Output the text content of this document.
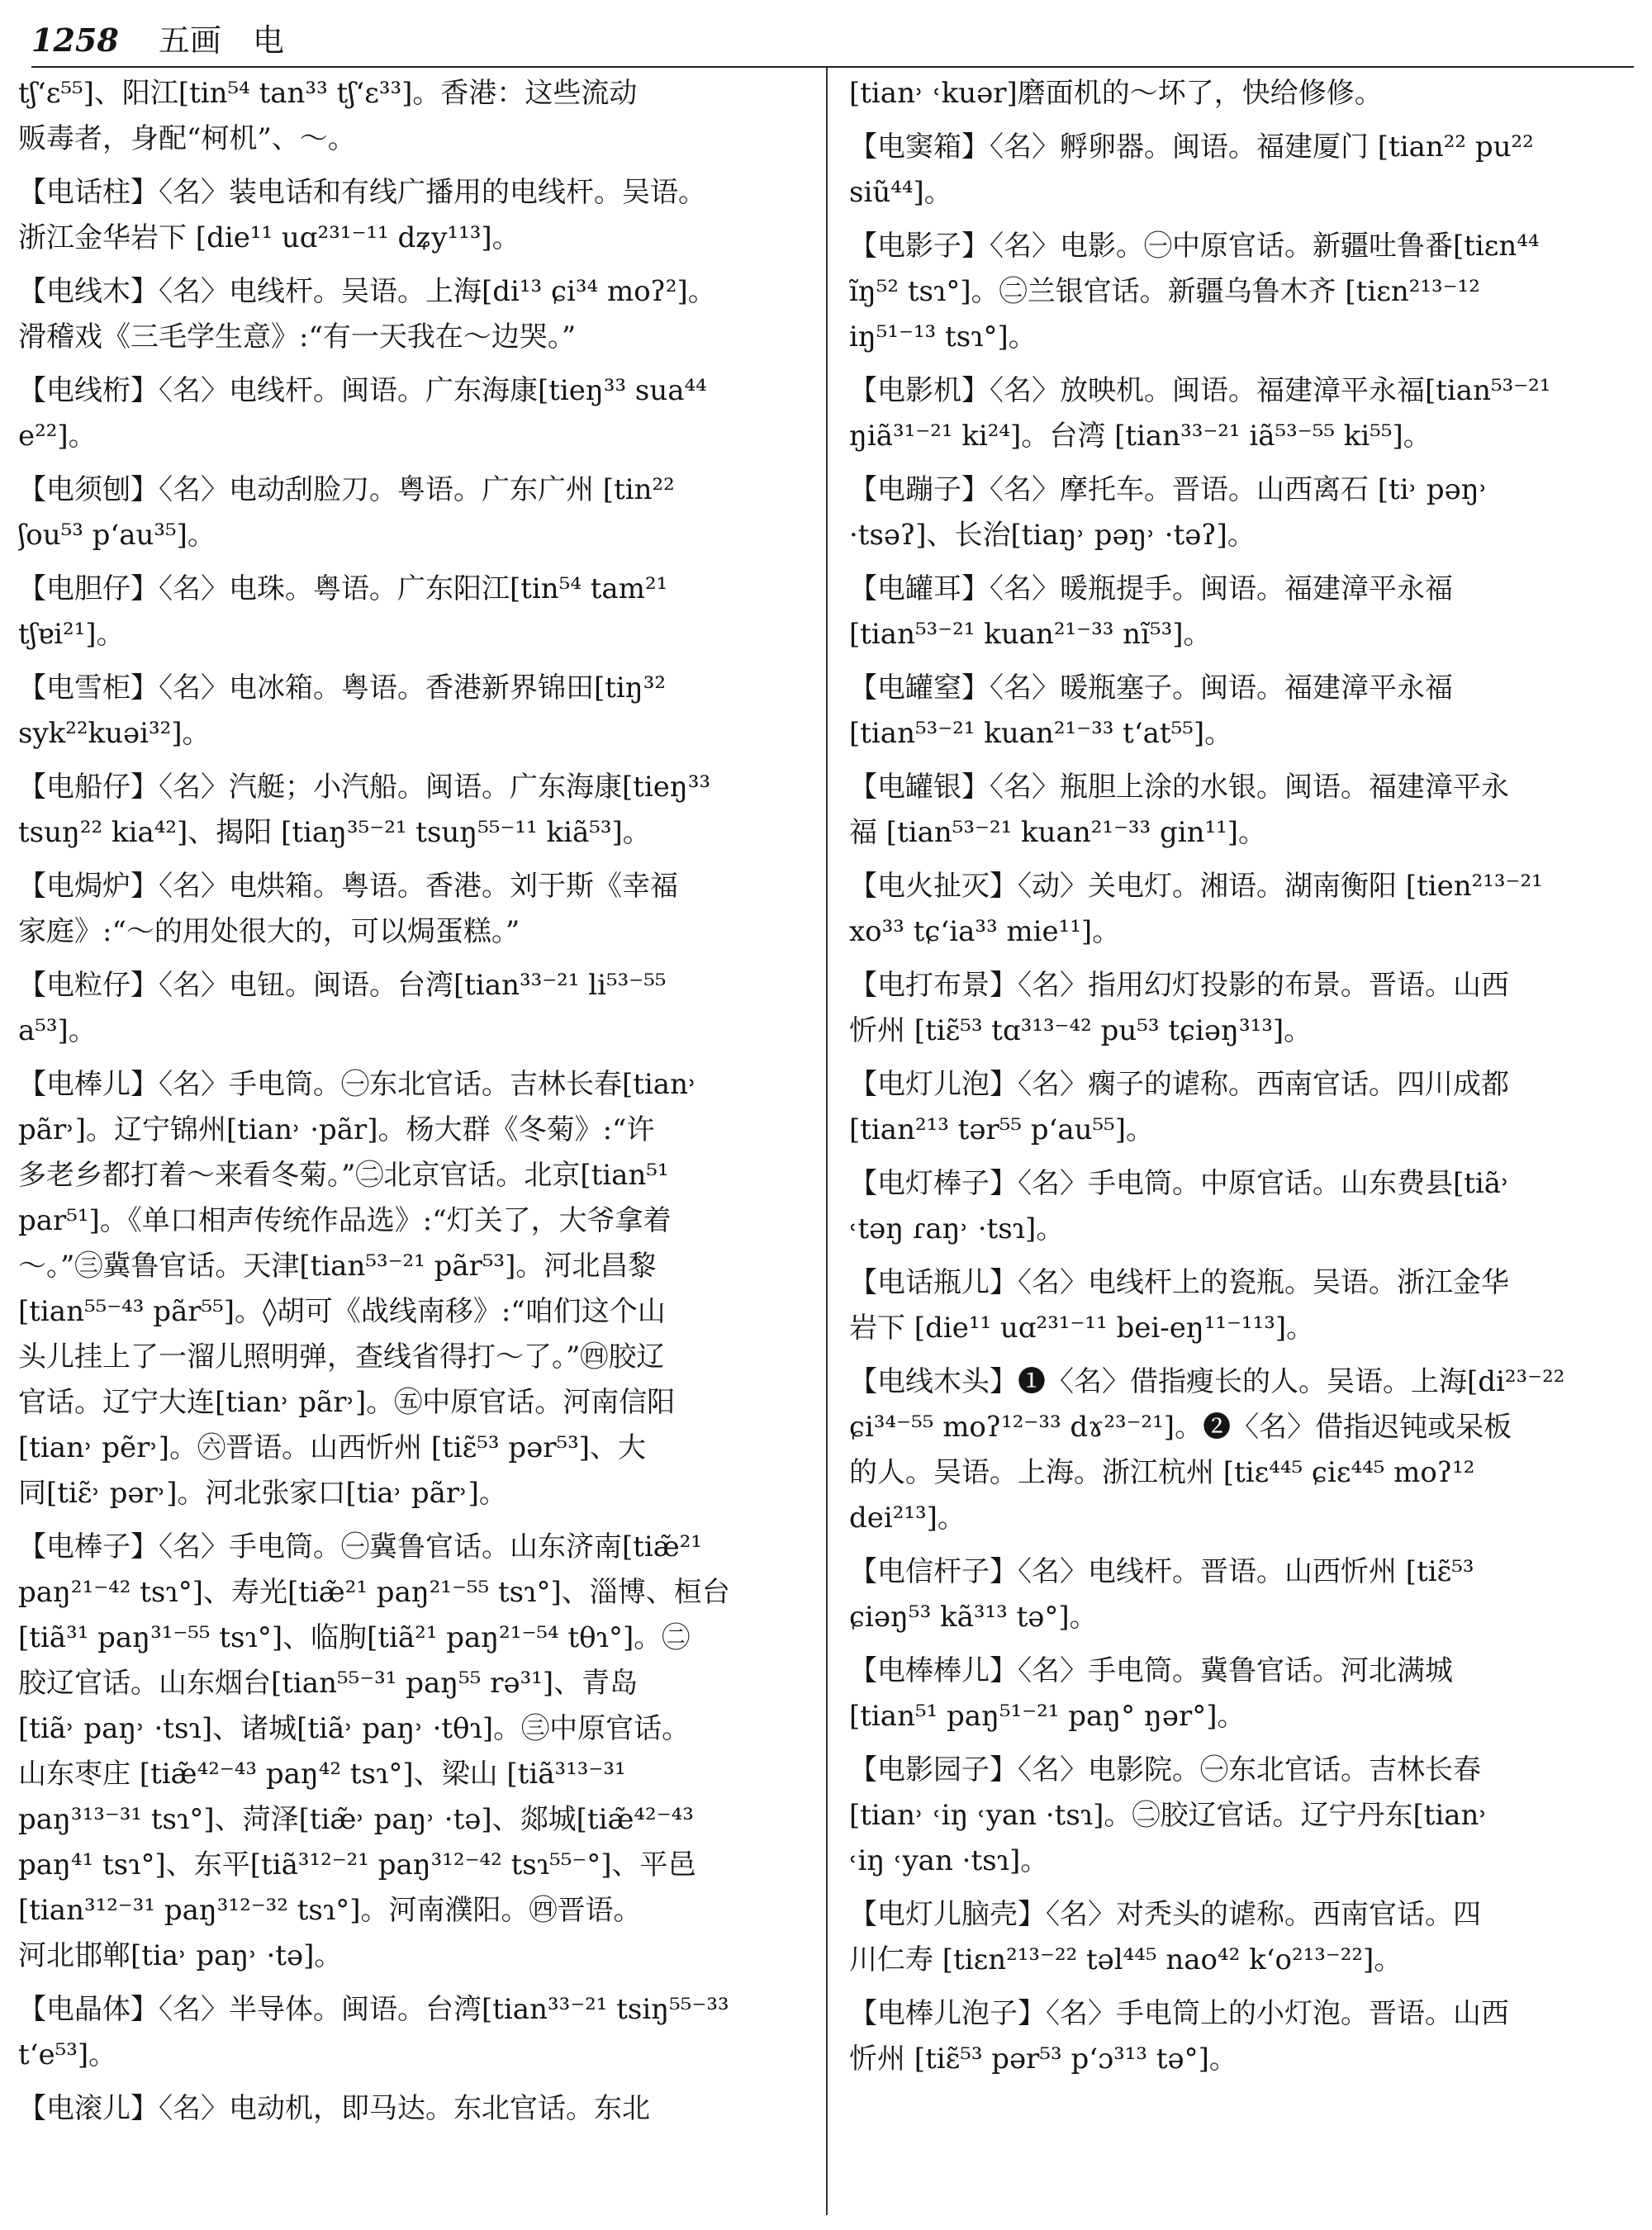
1258 五画 电
tʃʻɛ⁵⁵]、阳江[tin⁵⁴ tan³³ tʃʻɛ³³]。香港：这些流动
贩毒者，身配“柯机”、～。
【电话柱】〈名〉装电话和有线广播用的电线杆。吴语。
浙江金华岩下 [die¹¹ uɑ²³¹⁻¹¹ dʑy¹¹³]。
【电线木】〈名〉电线杆。吴语。上海[di¹³ ɕi³⁴ moʔ²]。
滑稽戏《三毛学生意》:“有一天我在～边哭。”
【电线桁】〈名〉电线杆。闽语。广东海康[tieŋ³³ sua⁴⁴
e²²]。
【电须刨】〈名〉电动刮脸刀。粤语。广东广州 [tin²²
ʃou⁵³ pʻau³⁵]。
【电胆仔】〈名〉电珠。粤语。广东阳江[tin⁵⁴ tam²¹
tʃɐi²¹]。
【电雪柜】〈名〉电冰箱。粤语。香港新界锦田[tiŋ³²
syk²²kuəi³²]。
【电船仔】〈名〉汽艇；小汽船。闽语。广东海康[tieŋ³³
tsuŋ²² kia⁴²]、揭阳 [tiaŋ³⁵⁻²¹ tsuŋ⁵⁵⁻¹¹ kiã⁵³]。
【电焗炉】〈名〉电烘箱。粤语。香港。刘于斯《幸福
家庭》:“～的用处很大的，可以焗蛋糕。”
【电粒仔】〈名〉电钮。闽语。台湾[tian³³⁻²¹ li⁵³⁻⁵⁵
a⁵³]。
【电棒儿】〈名〉手电筒。㊀东北官话。吉林长春[tian˒
pãr˒]。辽宁锦州[tian˒ ·pãr]。杨大群《冬菊》:“许
多老乡都打着～来看冬菊。”㊁北京官话。北京[tian⁵¹
par⁵¹]。《单口相声传统作品选》:“灯关了，大爷拿着
～。”㊂冀鲁官话。天津[tian⁵³⁻²¹ pãr⁵³]。河北昌黎
[tian⁵⁵⁻⁴³ pãr⁵⁵]。◊胡可《战线南移》:“咱们这个山
头儿挂上了一溜儿照明弹，查线省得打～了。”㊃胶辽
官话。辽宁大连[tian˒ pãr˒]。㊄中原官话。河南信阳
[tian˒ pẽr˒]。㊅晋语。山西忻州 [tiɛ̃⁵³ pər⁵³]、大
同[tiɛ̃˒ pər˒]。河北张家口[tia˒ pãr˒]。
【电棒子】〈名〉手电筒。㊀冀鲁官话。山东济南[tiæ̃²¹
paŋ²¹⁻⁴² tsɿ°]、寿光[tiæ̃²¹ paŋ²¹⁻⁵⁵ tsɿ°]、淄博、桓台
[tiã³¹ paŋ³¹⁻⁵⁵ tsɿ°]、临朐[tiã²¹ paŋ²¹⁻⁵⁴ tθɿ°]。㊁
胶辽官话。山东烟台[tian⁵⁵⁻³¹ paŋ⁵⁵ rə³¹]、青岛
[tiã˒ paŋ˒ ·tsɿ]、诸城[tiã˒ paŋ˒ ·tθɿ]。㊂中原官话。
山东枣庄 [tiæ̃⁴²⁻⁴³ paŋ⁴² tsɿ°]、梁山 [tiã³¹³⁻³¹
paŋ³¹³⁻³¹ tsɿ°]、菏泽[tiæ̃˒ paŋ˒ ·tə]、郯城[tiæ̃⁴²⁻⁴³
paŋ⁴¹ tsɿ°]、东平[tiã³¹²⁻²¹ paŋ³¹²⁻⁴² tsɿ⁵⁵⁻°]、平邑
[tian³¹²⁻³¹ paŋ³¹²⁻³² tsɿ°]。河南濮阳。㊃晋语。
河北邯郸[tia˒ paŋ˒ ·tə]。
【电晶体】〈名〉半导体。闽语。台湾[tian³³⁻²¹ tsiŋ⁵⁵⁻³³
tʻe⁵³]。
【电滚儿】〈名〉电动机，即马达。东北官话。东北
[tian˒ ˓kuər]磨面机的～坏了，快给修修。
【电窦箱】〈名〉孵卵器。闽语。福建厦门 [tian²² pu²²
siũ⁴⁴]。
【电影子】〈名〉电影。㊀中原官话。新疆吐鲁番[tiɛn⁴⁴
ĩŋ⁵² tsɿ°]。㊁兰银官话。新疆乌鲁木齐 [tiɛn²¹³⁻¹²
iŋ⁵¹⁻¹³ tsɿ°]。
【电影机】〈名〉放映机。闽语。福建漳平永福[tian⁵³⁻²¹
ŋiã³¹⁻²¹ ki²⁴]。台湾 [tian³³⁻²¹ iã⁵³⁻⁵⁵ ki⁵⁵]。
【电蹦子】〈名〉摩托车。晋语。山西离石 [ti˒ pəŋ˒
·tsəʔ]、长治[tiaŋ˒ pəŋ˒ ·təʔ]。
【电罐耳】〈名〉暖瓶提手。闽语。福建漳平永福
[tian⁵³⁻²¹ kuan²¹⁻³³ nĩ⁵³]。
【电罐窒】〈名〉暖瓶塞子。闽语。福建漳平永福
[tian⁵³⁻²¹ kuan²¹⁻³³ tʻat⁵⁵]。
【电罐银】〈名〉瓶胆上涂的水银。闽语。福建漳平永
福 [tian⁵³⁻²¹ kuan²¹⁻³³ gin¹¹]。
【电火扯灭】〈动〉关电灯。湘语。湖南衡阳 [tien²¹³⁻²¹
xo³³ tɕʻia³³ mie¹¹]。
【电打布景】〈名〉指用幻灯投影的布景。晋语。山西
忻州 [tiɛ̃⁵³ tɑ³¹³⁻⁴² pu⁵³ tɕiəŋ³¹³]。
【电灯儿泡】〈名〉瘸子的谑称。西南官话。四川成都
[tian²¹³ tər⁵⁵ pʻau⁵⁵]。
【电灯棒子】〈名〉手电筒。中原官话。山东费县[tiã˒
˓təŋ ɾaŋ˒ ·tsɿ]。
【电话瓶儿】〈名〉电线杆上的瓷瓶。吴语。浙江金华
岩下 [die¹¹ uɑ²³¹⁻¹¹ bei-eŋ¹¹⁻¹¹³]。
【电线木头】❶〈名〉借指瘦长的人。吴语。上海[di²³⁻²²
ɕi³⁴⁻⁵⁵ moʔ¹²⁻³³ dɤ²³⁻²¹]。❷〈名〉借指迟钝或呆板
的人。吴语。上海。浙江杭州 [tiɛ⁴⁴⁵ ɕiɛ⁴⁴⁵ moʔ¹²
dei²¹³]。
【电信杆子】〈名〉电线杆。晋语。山西忻州 [tiɛ̃⁵³
ɕiəŋ⁵³ kã³¹³ tə°]。
【电棒棒儿】〈名〉手电筒。冀鲁官话。河北满城
[tian⁵¹ paŋ⁵¹⁻²¹ paŋ° ŋər°]。
【电影园子】〈名〉电影院。㊀东北官话。吉林长春
[tian˒ ˓iŋ ˓yan ·tsɿ]。㊁胶辽官话。辽宁丹东[tian˒
˓iŋ ˓yan ·tsɿ]。
【电灯儿脑壳】〈名〉对秃头的谑称。西南官话。四
川仁寿 [tiɛn²¹³⁻²² təl⁴⁴⁵ nao⁴² kʻo²¹³⁻²²]。
【电棒儿泡子】〈名〉手电筒上的小灯泡。晋语。山西
忻州 [tiɛ̃⁵³ pər⁵³ pʻɔ³¹³ tə°]。
